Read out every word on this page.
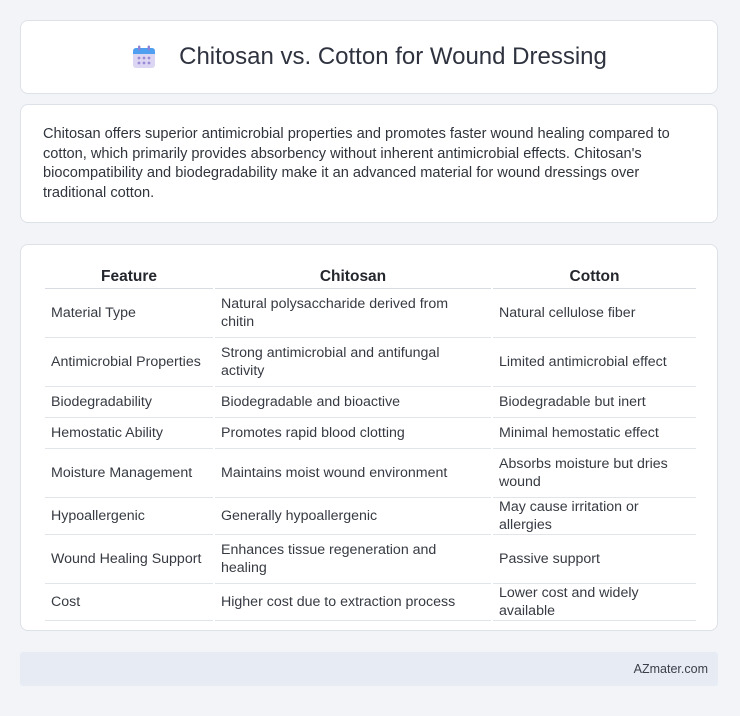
Chitosan vs. Cotton for Wound Dressing
Chitosan offers superior antimicrobial properties and promotes faster wound healing compared to cotton, which primarily provides absorbency without inherent antimicrobial effects. Chitosan's biocompatibility and biodegradability make it an advanced material for wound dressings over traditional cotton.
Feature	Chitosan	Cotton
Material Type	Natural polysaccharide derived from chitin	Natural cellulose fiber
Antimicrobial Properties	Strong antimicrobial and antifungal activity	Limited antimicrobial effect
Biodegradability	Biodegradable and bioactive	Biodegradable but inert
Hemostatic Ability	Promotes rapid blood clotting	Minimal hemostatic effect
Moisture Management	Maintains moist wound environment	Absorbs moisture but dries wound
Hypoallergenic	Generally hypoallergenic	May cause irritation or allergies
Wound Healing Support	Enhances tissue regeneration and healing	Passive support
Cost	Higher cost due to extraction process	Lower cost and widely available
AZmater.com
